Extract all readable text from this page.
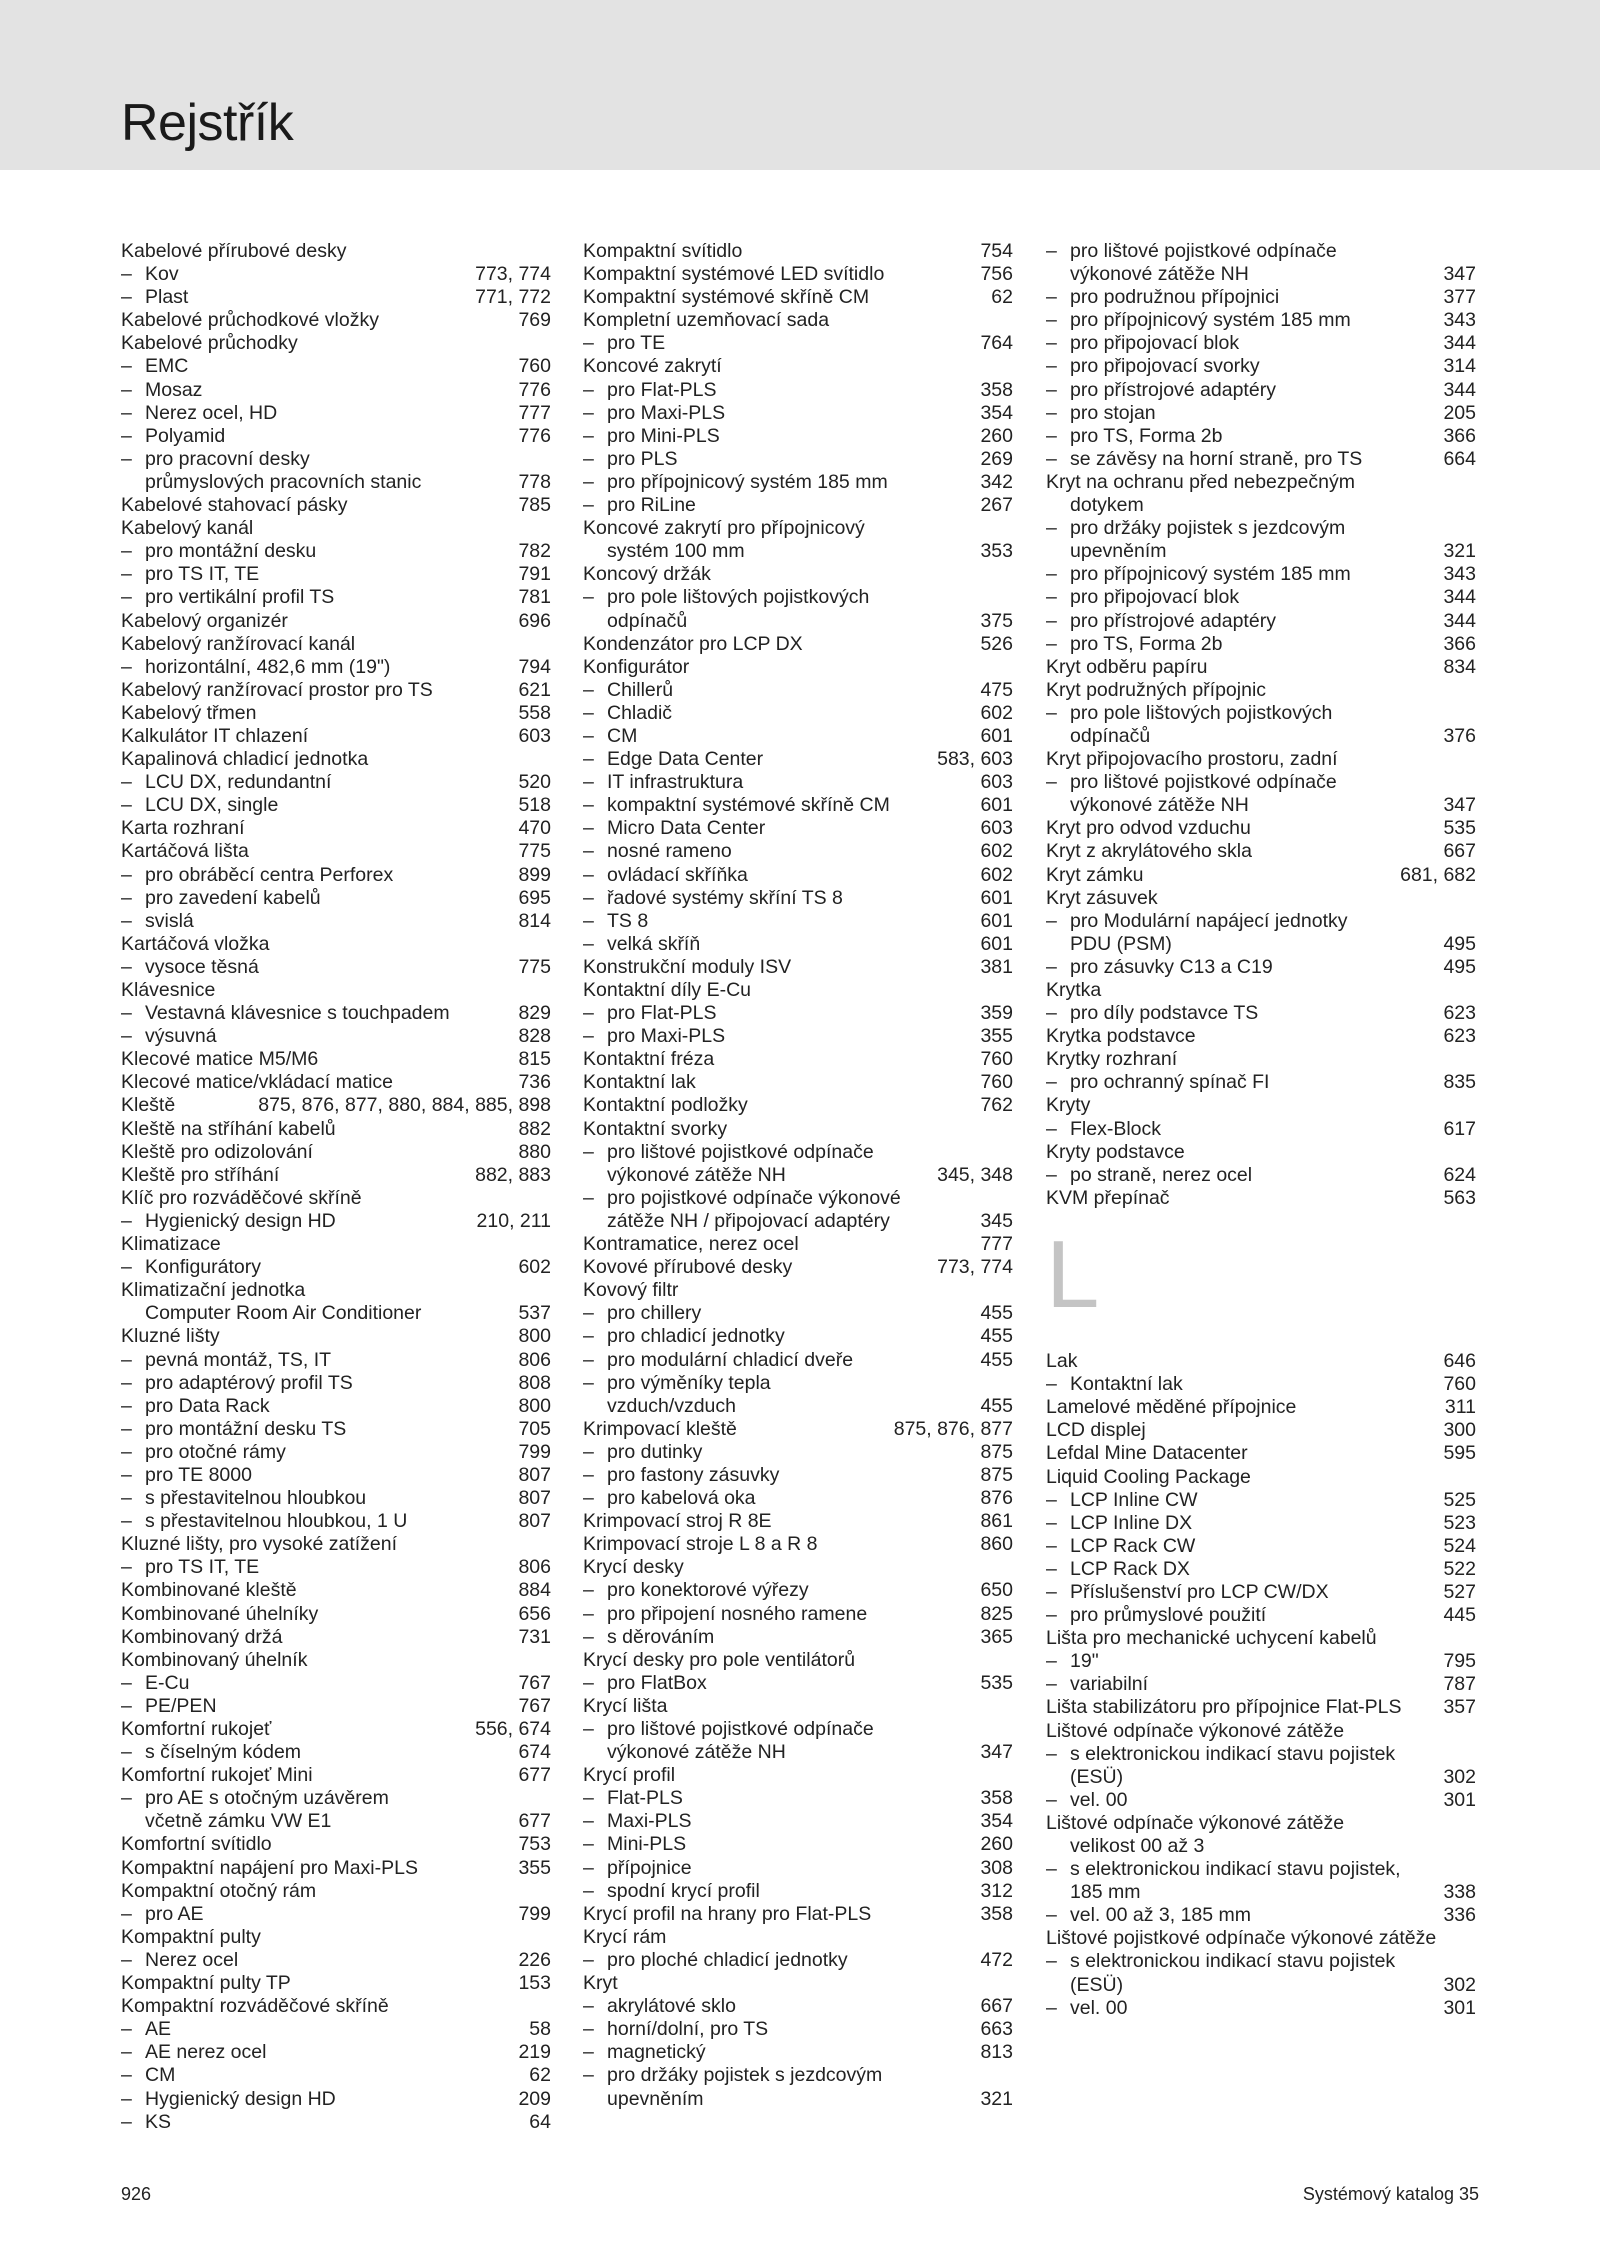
Rejstřík
Kabelové přírubové desky
– Kov	773, 774
– Plast	771, 772
Kabelové průchodkové vložky	769
Kabelové průchodky
– EMC	760
– Mosaz	776
– Nerez ocel, HD	777
– Polyamid	776
– pro pracovní desky
průmyslových pracovních stanic	778
Kabelové stahovací pásky	785
Kabelový kanál
– pro montážní desku	782
– pro TS IT, TE	791
– pro vertikální profil TS	781
Kabelový organizér	696
Kabelový ranžírovací kanál
– horizontální, 482,6 mm (19")	794
Kabelový ranžírovací prostor pro TS	621
Kabelový třmen	558
Kalkulátor IT chlazení	603
Kapalinová chladicí jednotka
– LCU DX, redundantní	520
– LCU DX, single	518
Karta rozhraní	470
Kartáčová lišta	775
– pro obráběcí centra Perforex	899
– pro zavedení kabelů	695
– svislá	814
Kartáčová vložka
– vysoce těsná	775
Klávesnice
– Vestavná klávesnice s touchpadem	829
– výsuvná	828
Klecové matice M5/M6	815
Klecové matice/vkládací matice	736
Kleště	875, 876, 877, 880, 884, 885, 898
Kleště na stříhání kabelů	882
Kleště pro odizolování	880
Kleště pro stříhání	882, 883
Klíč pro rozváděčové skříně
– Hygienický design HD	210, 211
Klimatizace
– Konfigurátory	602
Klimatizační jednotka
Computer Room Air Conditioner	537
Kluzné lišty	800
– pevná montáž, TS, IT	806
– pro adaptérový profil TS	808
– pro Data Rack	800
– pro montážní desku TS	705
– pro otočné rámy	799
– pro TE 8000	807
– s přestavitelnou hloubkou	807
– s přestavitelnou hloubkou, 1 U	807
Kluzné lišty, pro vysoké zatížení
– pro TS IT, TE	806
Kombinované kleště	884
Kombinované úhelníky	656
Kombinovaný držá	731
Kombinovaný úhelník
– E-Cu	767
– PE/PEN	767
Komfortní rukojeť	556, 674
– s číselným kódem	674
Komfortní rukojeť Mini	677
– pro AE s otočným uzávěrem
včetně zámku VW E1	677
Komfortní svítidlo	753
Kompaktní napájení pro Maxi-PLS	355
Kompaktní otočný rám
– pro AE	799
Kompaktní pulty
– Nerez ocel	226
Kompaktní pulty TP	153
Kompaktní rozváděčové skříně
– AE	58
– AE nerez ocel	219
– CM	62
– Hygienický design HD	209
– KS	64
Kompaktní svítidlo	754
Kompaktní systémové LED svítidlo	756
Kompaktní systémové skříně CM	62
Kompletní uzemňovací sada
– pro TE	764
Koncové zakrytí
– pro Flat-PLS	358
– pro Maxi-PLS	354
– pro Mini-PLS	260
– pro PLS	269
– pro přípojnicový systém 185 mm	342
– pro RiLine	267
Koncové zakrytí pro přípojnicový
systém 100 mm	353
Koncový držák
– pro pole lištových pojistkových
odpínačů	375
Kondenzátor pro LCP DX	526
Konfigurátor
– Chillerů	475
– Chladič	602
– CM	601
– Edge Data Center	583, 603
– IT infrastruktura	603
– kompaktní systémové skříně CM	601
– Micro Data Center	603
– nosné rameno	602
– ovládací skříňka	602
– řadové systémy skříní TS 8	601
– TS 8	601
– velká skříň	601
Konstrukční moduly ISV	381
Kontaktní díly E-Cu
– pro Flat-PLS	359
– pro Maxi-PLS	355
Kontaktní fréza	760
Kontaktní lak	760
Kontaktní podložky	762
Kontaktní svorky
– pro lištové pojistkové odpínače
výkonové zátěže NH	345, 348
– pro pojistkové odpínače výkonové
zátěže NH / připojovací adaptéry	345
Kontramatice, nerez ocel	777
Kovové přírubové desky	773, 774
Kovový filtr
– pro chillery	455
– pro chladicí jednotky	455
– pro modulární chladicí dveře	455
– pro výměníky tepla
vzduch/vzduch	455
Krimpovací kleště	875, 876, 877
– pro dutinky	875
– pro fastony zásuvky	875
– pro kabelová oka	876
Krimpovací stroj R 8E	861
Krimpovací stroje L 8 a R 8	860
Krycí desky
– pro konektorové výřezy	650
– pro připojení nosného ramene	825
– s děrováním	365
Krycí desky pro pole ventilátorů
– pro FlatBox	535
Krycí lišta
– pro lištové pojistkové odpínače
výkonové zátěže NH	347
Krycí profil
– Flat-PLS	358
– Maxi-PLS	354
– Mini-PLS	260
– přípojnice	308
– spodní krycí profil	312
Krycí profil na hrany pro Flat-PLS	358
Krycí rám
– pro ploché chladicí jednotky	472
Kryt
– akrylátové sklo	667
– horní/dolní, pro TS	663
– magnetický	813
– pro držáky pojistek s jezdcovým
upevněním	321
– pro lištové pojistkové odpínače
výkonové zátěže NH	347
– pro podružnou přípojnici	377
– pro přípojnicový systém 185 mm	343
– pro připojovací blok	344
– pro připojovací svorky	314
– pro přístrojové adaptéry	344
– pro stojan	205
– pro TS, Forma 2b	366
– se závěsy na horní straně, pro TS	664
Kryt na ochranu před nebezpečným
dotykem
– pro držáky pojistek s jezdcovým
upevněním	321
– pro přípojnicový systém 185 mm	343
– pro připojovací blok	344
– pro přístrojové adaptéry	344
– pro TS, Forma 2b	366
Kryt odběru papíru	834
Kryt podružných přípojnic
– pro pole lištových pojistkových
odpínačů	376
Kryt připojovacího prostoru, zadní
– pro lištové pojistkové odpínače
výkonové zátěže NH	347
Kryt pro odvod vzduchu	535
Kryt z akrylátového skla	667
Kryt zámku	681, 682
Kryt zásuvek
– pro Modulární napájecí jednotky
PDU (PSM)	495
– pro zásuvky C13 a C19	495
Krytka
– pro díly podstavce TS	623
Krytka podstavce	623
Krytky rozhraní
– pro ochranný spínač FI	835
Kryty
– Flex-Block	617
Kryty podstavce
– po straně, nerez ocel	624
KVM přepínač	563
L
Lak	646
– Kontaktní lak	760
Lamelové měděné přípojnice	311
LCD displej	300
Lefdal Mine Datacenter	595
Liquid Cooling Package
– LCP Inline CW	525
– LCP Inline DX	523
– LCP Rack CW	524
– LCP Rack DX	522
– Příslušenství pro LCP CW/DX	527
– pro průmyslové použití	445
Lišta pro mechanické uchycení kabelů
– 19"	795
– variabilní	787
Lišta stabilizátoru pro přípojnice Flat-PLS 357
Lištové odpínače výkonové zátěže
– s elektronickou indikací stavu pojistek
(ESÜ)	302
– vel. 00	301
Lištové odpínače výkonové zátěže
velikost 00 až 3
– s elektronickou indikací stavu pojistek,
185 mm	338
– vel. 00 až 3, 185 mm	336
Lištové pojistkové odpínače výkonové zátěže
– s elektronickou indikací stavu pojistek
(ESÜ)	302
– vel. 00	301
926	Systémový katalog 35
